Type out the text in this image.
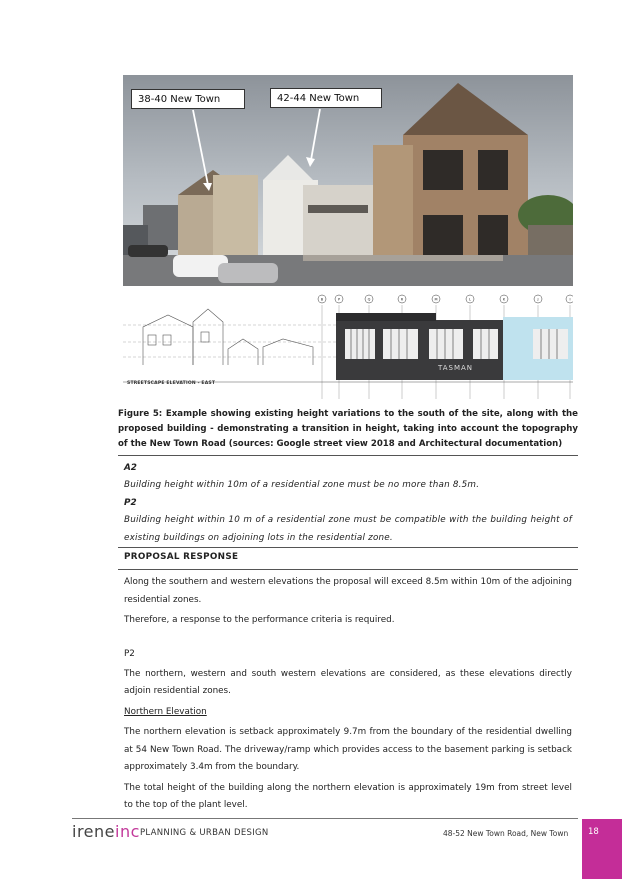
38-40 New Town	42-44 New Town
B	P	Q	R	M	L	K	J	I
STREETSCAPE ELEVATION - EAST
TASMAN
Figure 5: Example showing existing height variations to the south of the site, along with the proposed building - demonstrating a transition in height, taking into account the topography of the New Town Road (sources: Google street view 2018 and Architectural documentation)
A2
Building height within 10m of a residential zone must be no more than 8.5m.
P2
Building height within 10 m of a residential zone must be compatible with the building height of existing buildings on adjoining lots in the residential zone.
PROPOSAL RESPONSE

Along the southern and western elevations the proposal will exceed 8.5m within 10m of the adjoining residential zones.

Therefore, a response to the performance criteria is required.

P2

The northern, western and south western elevations are considered, as these elevations directly adjoin residential zones.

Northern Elevation

The northern elevation is setback approximately 9.7m from the boundary of the residential dwelling at 54 New Town Road. The driveway/ramp which provides access to the basement parking is setback approximately 3.4m from the boundary.

The total height of the building along the northern elevation is approximately 19m from street level to the top of the plant level.

ireneinc PLANNING & URBAN DESIGN	48-52 New Town Road, New Town 18
